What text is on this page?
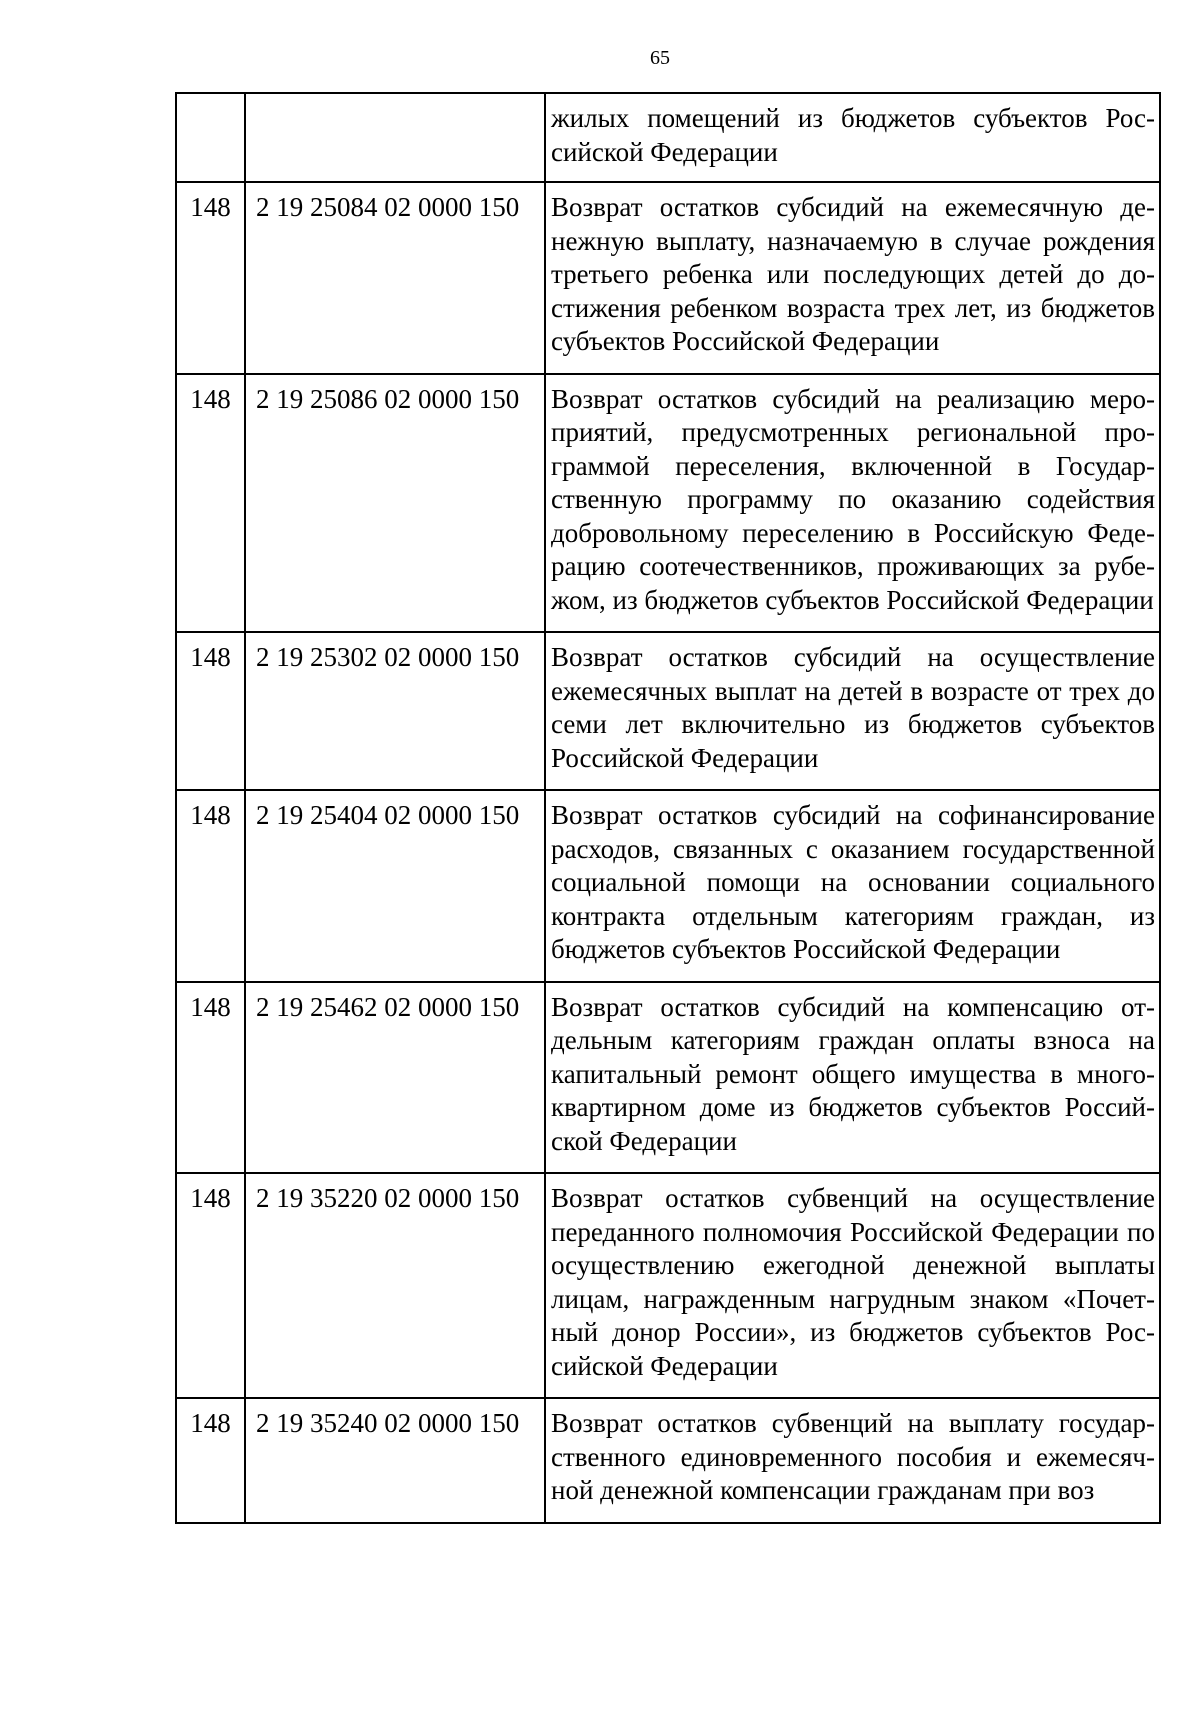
65
		жилых помещений из бюджетов субъектов Российской Федерации
148	2 19 25084 02 0000 150	Возврат остатков субсидий на ежемесячную денежную выплату, назначаемую в случае рождения третьего ребенка или последующих детей до достижения ребенком возраста трех лет, из бюджетов субъектов Российской Федерации
148	2 19 25086 02 0000 150	Возврат остатков субсидий на реализацию мероприятий, предусмотренных региональной программой переселения, включенной в Государственную программу по оказанию содействия добровольному переселению в Российскую Федерацию соотечественников, проживающих за рубежом, из бюджетов субъектов Российской Федерации
148	2 19 25302 02 0000 150	Возврат остатков субсидий на осуществление ежемесячных выплат на детей в возрасте от трех до семи лет включительно из бюджетов субъектов Российской Федерации
148	2 19 25404 02 0000 150	Возврат остатков субсидий на софинансирование расходов, связанных с оказанием государственной социальной помощи на основании социального контракта отдельным категориям граждан, из бюджетов субъектов Российской Федерации
148	2 19 25462 02 0000 150	Возврат остатков субсидий на компенсацию отдельным категориям граждан оплаты взноса на капитальный ремонт общего имущества в многоквартирном доме из бюджетов субъектов Российской Федерации
148	2 19 35220 02 0000 150	Возврат остатков субвенций на осуществление переданного полномочия Российской Федерации по осуществлению ежегодной денежной выплаты лицам, награжденным нагрудным знаком «Почетный донор России», из бюджетов субъектов Российской Федерации
148	2 19 35240 02 0000 150	Возврат остатков субвенций на выплату государственного единовременного пособия и ежемесячной денежной компенсации гражданам при воз
